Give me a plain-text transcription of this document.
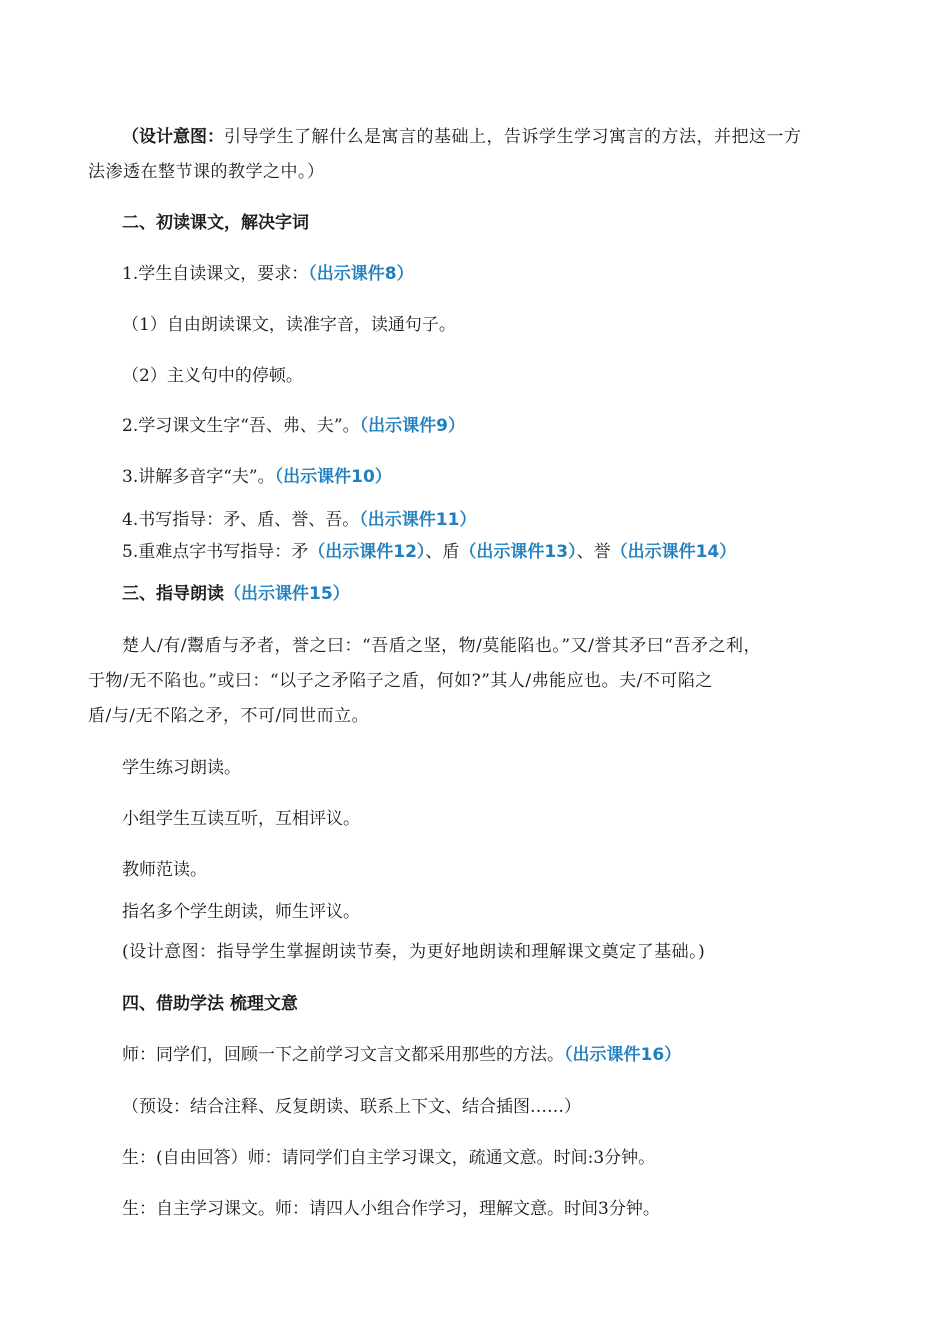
（设计意图：引导学生了解什么是寓言的基础上，告诉学生学习寓言的方法，并把这一方
法渗透在整节课的教学之中。）
二、初读课文，解决字词
1.学生自读课文，要求：（出示课件8）
（1）自由朗读课文，读准字音，读通句子。
（2）主义句中的停顿。
2.学习课文生字“吾、弗、夫”。（出示课件9）
3.讲解多音字“夫”。（出示课件10）
4.书写指导：矛、盾、誉、吾。（出示课件11）
5.重难点字书写指导：矛（出示课件12）、盾（出示课件13）、誉（出示课件14）
三、指导朗读（出示课件15）
楚人/有/鬻盾与矛者，誉之曰：“吾盾之坚，物/莫能陷也。”又/誉其矛曰“吾矛之利，
于物/无不陷也。”或曰：“以子之矛陷子之盾，何如?”其人/弗能应也。夫/不可陷之
盾/与/无不陷之矛，不可/同世而立。
学生练习朗读。
小组学生互读互听，互相评议。
教师范读。
指名多个学生朗读，师生评议。
(设计意图：指导学生掌握朗读节奏，为更好地朗读和理解课文奠定了基础。)
四、借助学法 梳理文意
师：同学们，回顾一下之前学习文言文都采用那些的方法。（出示课件16）
（预设：结合注释、反复朗读、联系上下文、结合插图……）
生：(自由回答）师：请同学们自主学习课文，疏通文意。时间:3分钟。
生：自主学习课文。师：请四人小组合作学习，理解文意。时间3分钟。
